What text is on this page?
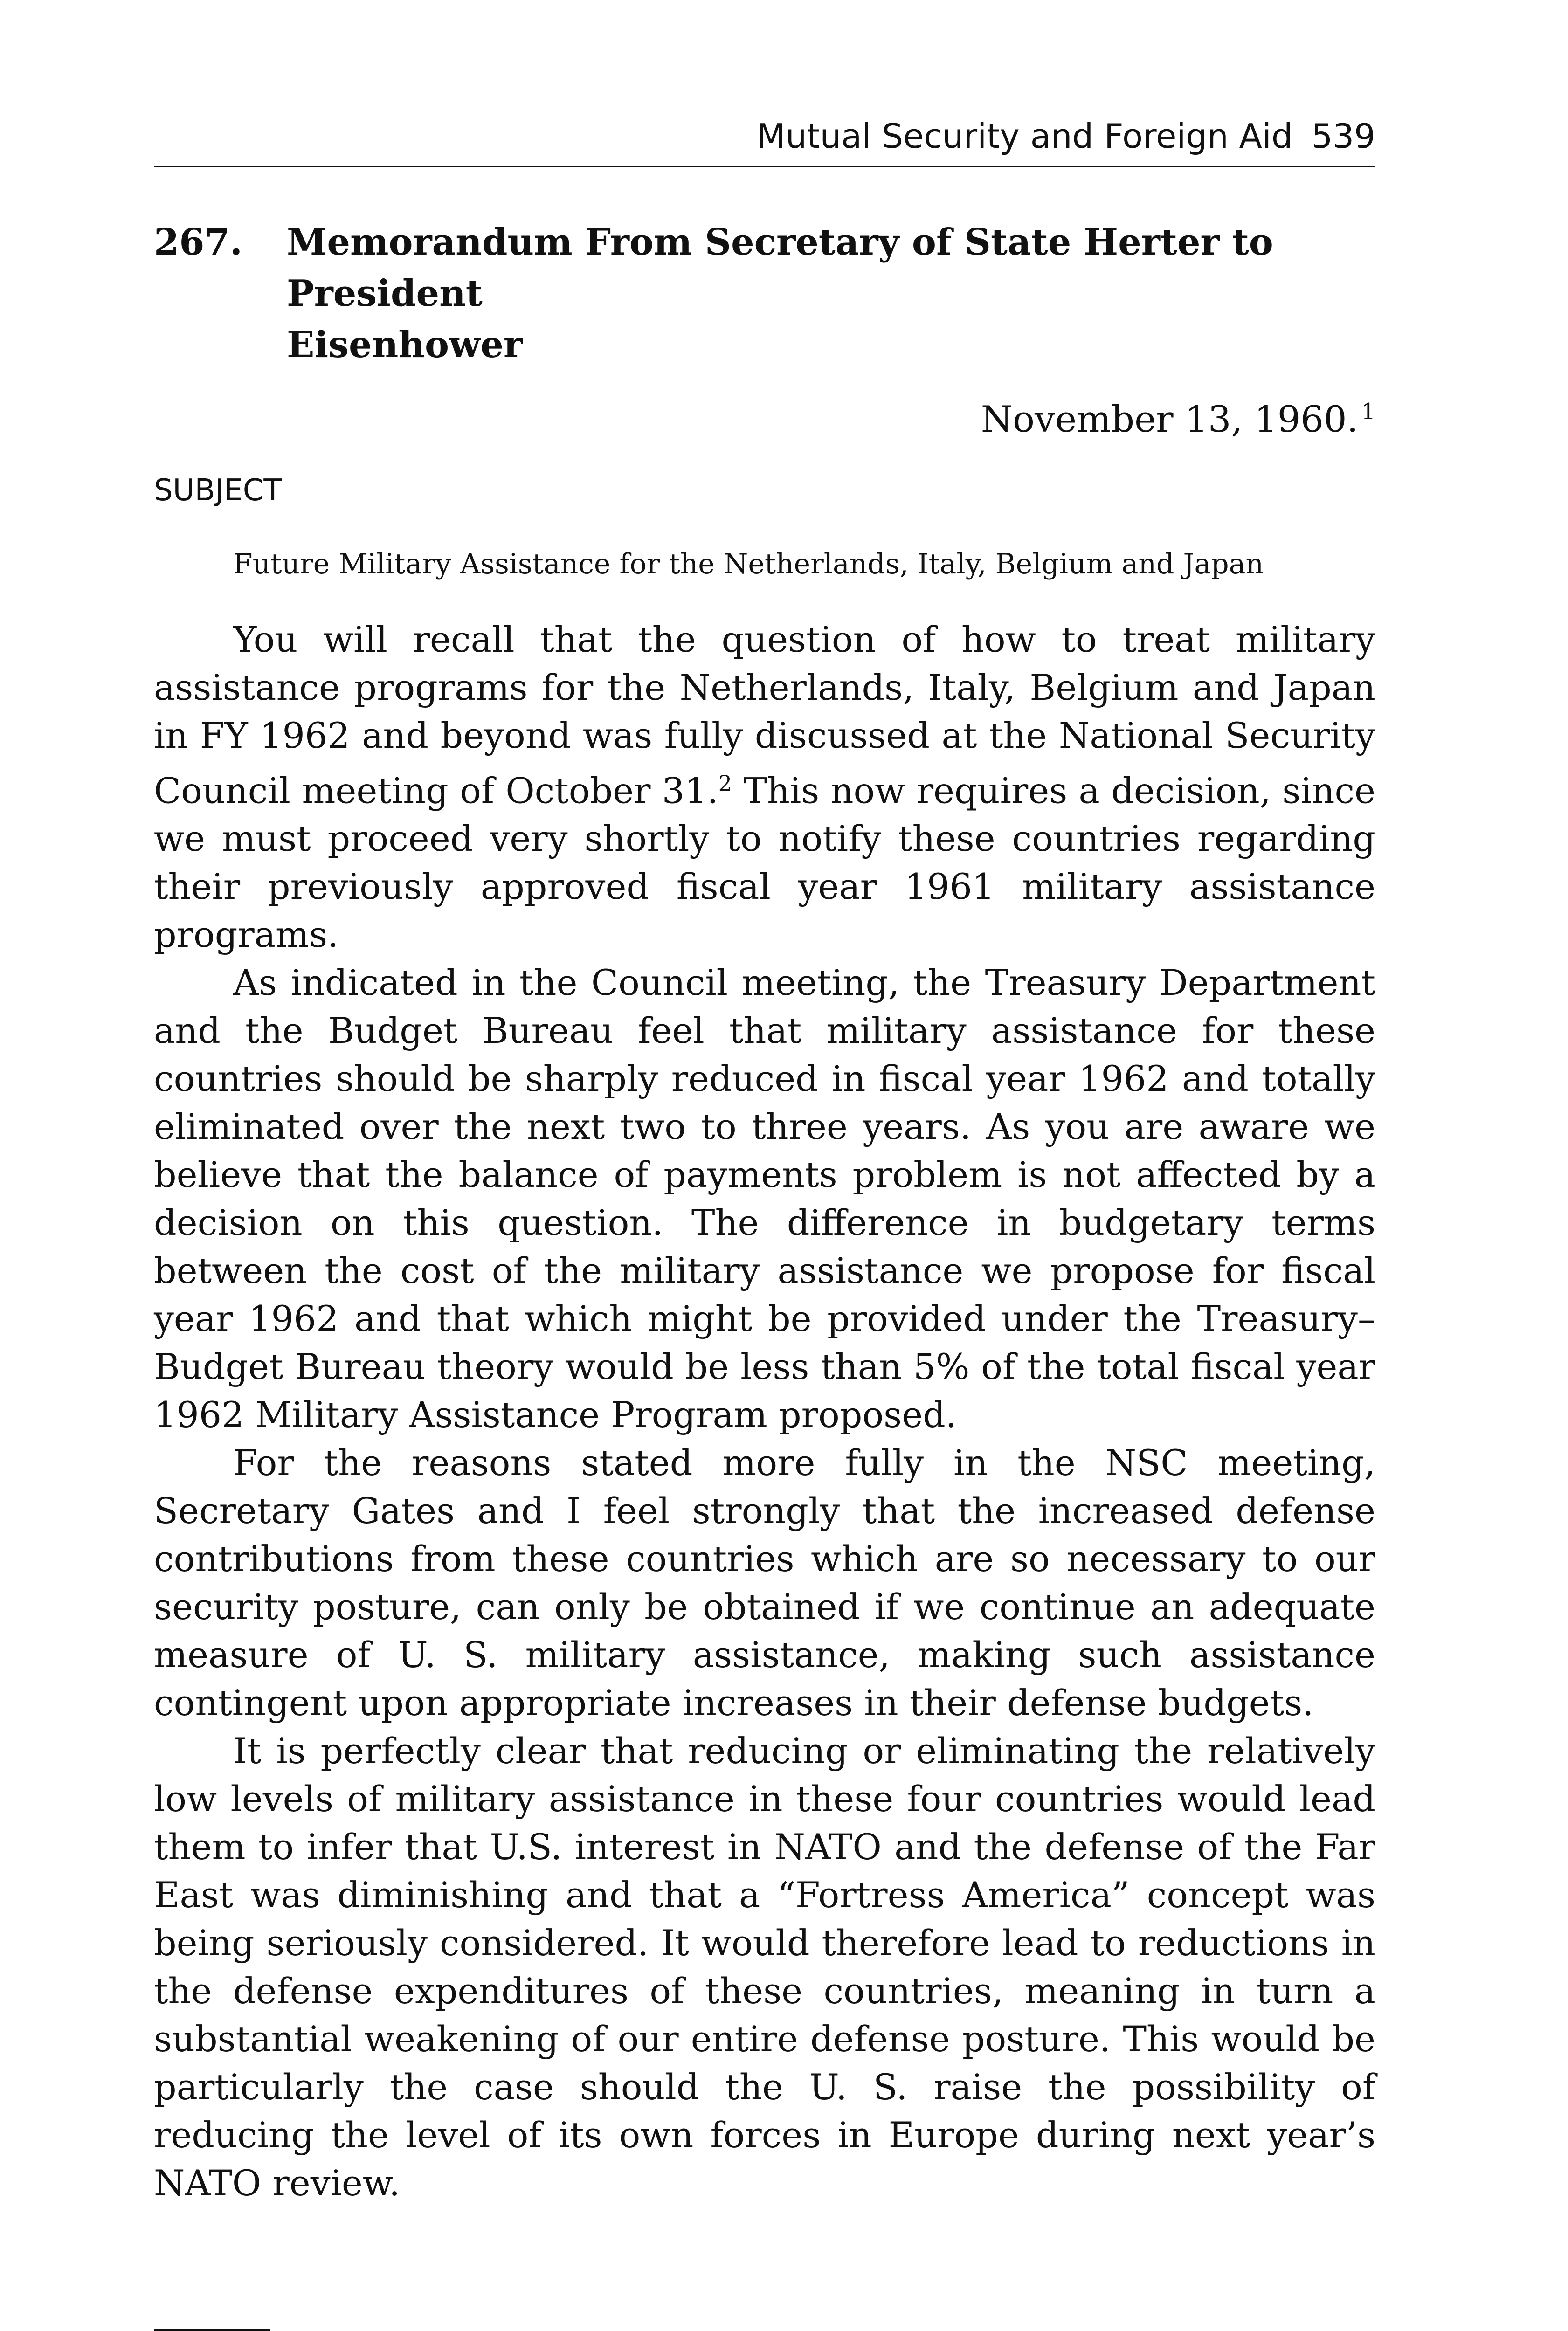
Mutual Security and Foreign Aid 539
267. Memorandum From Secretary of State Herter to President
Eisenhower
November 13, 1960. $^1$
SUBJECT
Future Military Assistance for the Netherlands, Italy, Belgium and Japan

You will recall that the question of how to treat military assistance programs for the Netherlands, Italy, Belgium and Japan in FY 1962 and beyond was fully discussed at the National Security Council meeting of October 31.$^2$ This now requires a decision, since we must proceed very shortly to notify these countries regarding their previously approved fiscal year 1961 military assistance programs.

As indicated in the Council meeting, the Treasury Department and the Budget Bureau feel that military assistance for these countries should be sharply reduced in fiscal year 1962 and totally eliminated over the next two to three years. As you are aware we believe that the balance of payments problem is not affected by a decision on this question. The difference in budgetary terms between the cost of the military assistance we propose for fiscal year 1962 and that which might be provided under the Treasury–Budget Bureau theory would be less than 5% of the total fiscal year 1962 Military Assistance Program proposed.

For the reasons stated more fully in the NSC meeting, Secretary Gates and I feel strongly that the increased defense contributions from these countries which are so necessary to our security posture, can only be obtained if we continue an adequate measure of U. S. military assistance, making such assistance contingent upon appropriate increases in their defense budgets.

It is perfectly clear that reducing or eliminating the relatively low levels of military assistance in these four countries would lead them to infer that U.S. interest in NATO and the defense of the Far East was diminishing and that a “Fortress America” concept was being seriously considered. It would therefore lead to reductions in the defense expenditures of these countries, meaning in turn a substantial weakening of our entire defense posture. This would be particularly the case should the U. S. raise the possibility of reducing the level of its own forces in Europe during next year’s NATO review.
